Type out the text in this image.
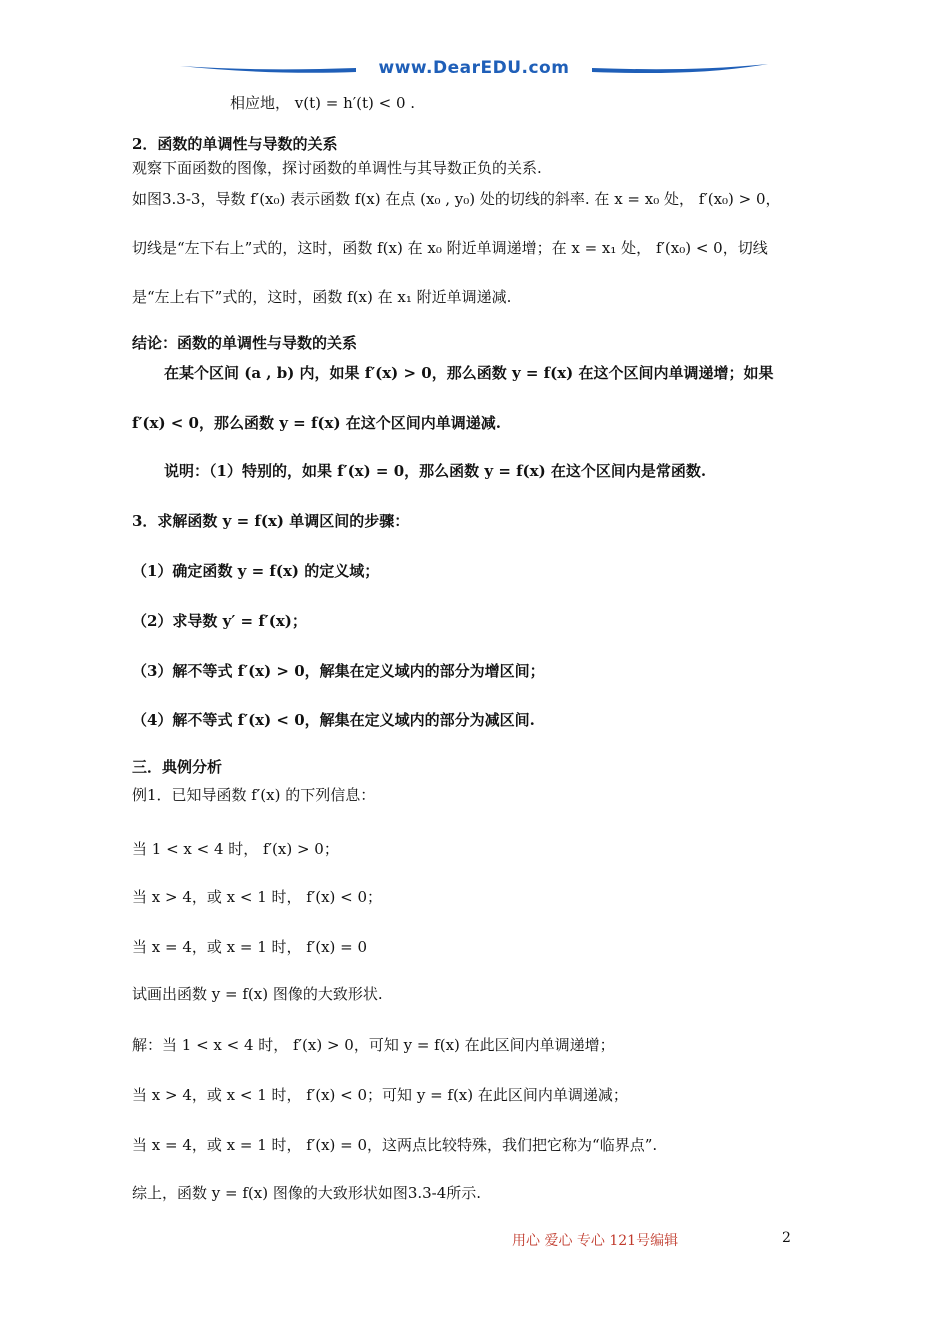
www.DearEDU.com
相应地， v(t) = h′(t) < 0 .
2．函数的单调性与导数的关系
观察下面函数的图像，探讨函数的单调性与其导数正负的关系.
如图3.3-3，导数 f′(x₀) 表示函数 f(x) 在点 (x₀ , y₀) 处的切线的斜率. 在 x = x₀ 处， f′(x₀) > 0，
切线是“左下右上”式的，这时，函数 f(x) 在 x₀ 附近单调递增；在 x = x₁ 处， f′(x₀) < 0，切线
是“左上右下”式的，这时，函数 f(x) 在 x₁ 附近单调递减.
结论：函数的单调性与导数的关系
在某个区间 (a , b) 内，如果 f′(x) > 0，那么函数 y = f(x) 在这个区间内单调递增；如果
f′(x) < 0，那么函数 y = f(x) 在这个区间内单调递减.
说明：（1）特别的，如果 f′(x) = 0，那么函数 y = f(x) 在这个区间内是常函数.
3．求解函数 y = f(x) 单调区间的步骤：
（1）确定函数 y = f(x) 的定义域；
（2）求导数 y′ = f′(x)；
（3）解不等式 f′(x) > 0，解集在定义域内的部分为增区间；
（4）解不等式 f′(x) < 0，解集在定义域内的部分为减区间.
三．典例分析
例1．已知导函数 f′(x) 的下列信息：
当 1 < x < 4 时， f′(x) > 0；
当 x > 4，或 x < 1 时， f′(x) < 0；
当 x = 4，或 x = 1 时， f′(x) = 0
试画出函数 y = f(x) 图像的大致形状.
解：当 1 < x < 4 时， f′(x) > 0，可知 y = f(x) 在此区间内单调递增；
当 x > 4，或 x < 1 时， f′(x) < 0；可知 y = f(x) 在此区间内单调递减；
当 x = 4，或 x = 1 时， f′(x) = 0，这两点比较特殊，我们把它称为“临界点”.
综上，函数 y = f(x) 图像的大致形状如图3.3-4所示.
用心 爱心 专心 121号编辑	2
